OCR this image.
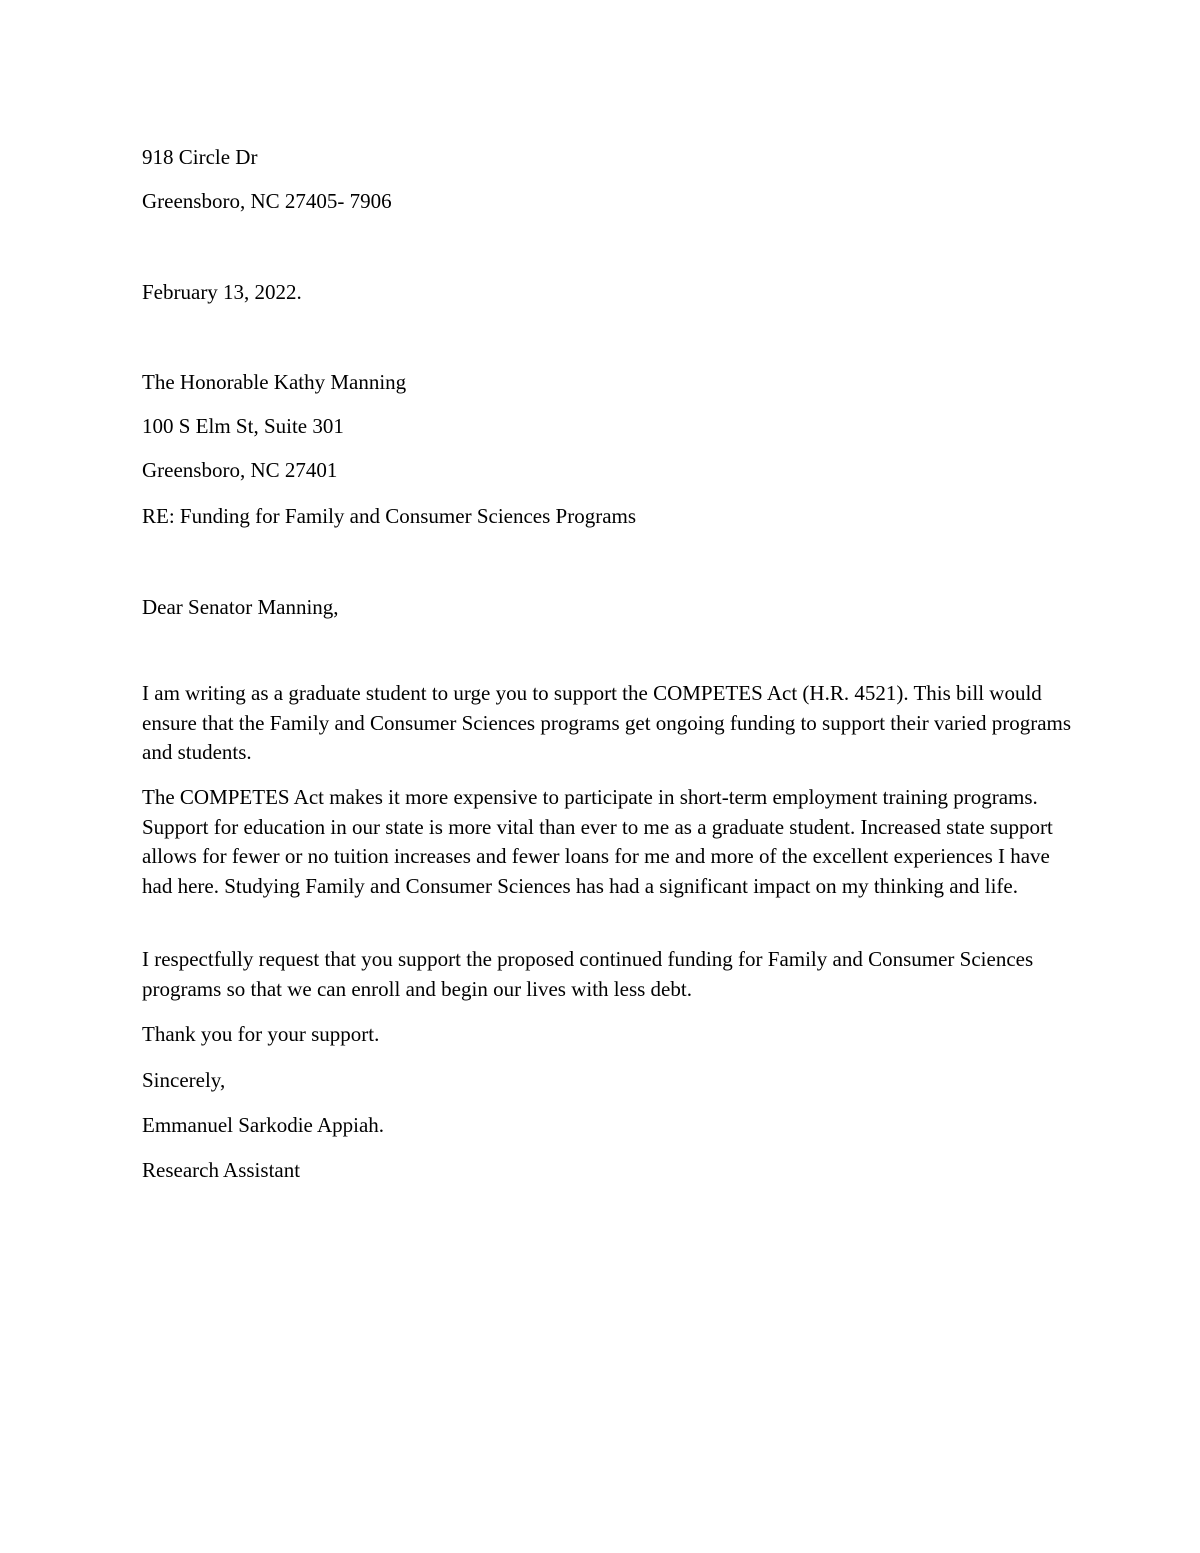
918 Circle Dr
Greensboro, NC 27405- 7906
February 13, 2022.
The Honorable Kathy Manning
100 S Elm St, Suite 301
Greensboro, NC 27401
RE: Funding for Family and Consumer Sciences Programs
Dear Senator Manning,

I am writing as a graduate student to urge you to support the COMPETES Act (H.R. 4521). This bill would ensure that the Family and Consumer Sciences programs get ongoing funding to support their varied programs and students.

The COMPETES Act makes it more expensive to participate in short-term employment training programs. Support for education in our state is more vital than ever to me as a graduate student. Increased state support allows for fewer or no tuition increases and fewer loans for me and more of the excellent experiences I have had here. Studying Family and Consumer Sciences has had a significant impact on my thinking and life.

I respectfully request that you support the proposed continued funding for Family and Consumer Sciences programs so that we can enroll and begin our lives with less debt.

Thank you for your support.
Sincerely,
Emmanuel Sarkodie Appiah.
Research Assistant
